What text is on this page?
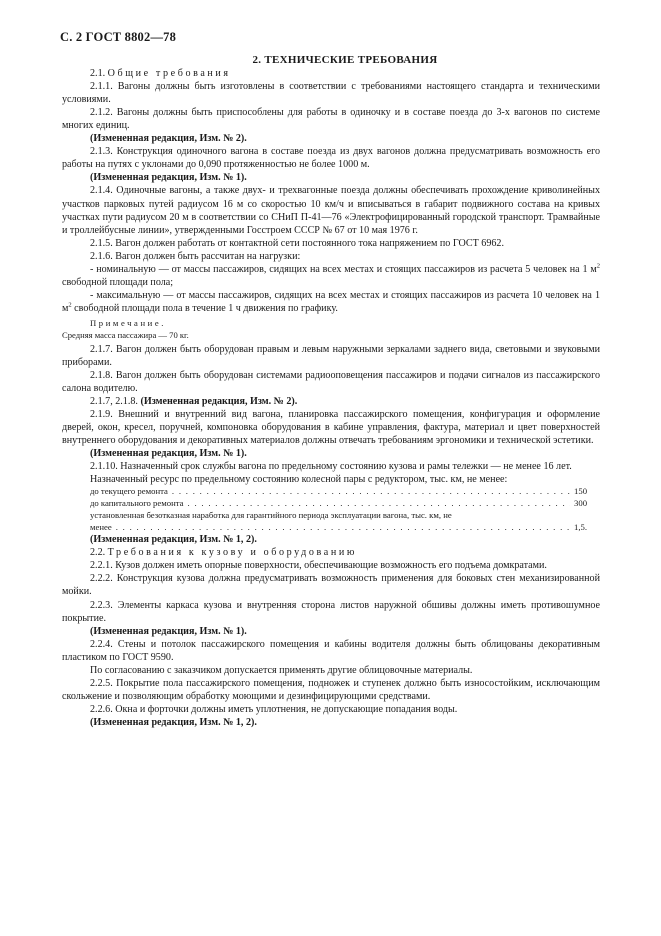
С. 2 ГОСТ 8802—78

2. ТЕХНИЧЕСКИЕ ТРЕБОВАНИЯ

2.1. Общие требования

2.1.1. Вагоны должны быть изготовлены в соответствии с требованиями настоящего стандарта и техническими условиями.

2.1.2. Вагоны должны быть приспособлены для работы в одиночку и в составе поезда до 3-х вагонов по системе многих единиц.

(Измененная редакция, Изм. № 2).

2.1.3. Конструкция одиночного вагона в составе поезда из двух вагонов должна предусматривать возможность его работы на путях с уклонами до 0,090 протяженностью не более 1000 м.

(Измененная редакция, Изм. № 1).

2.1.4. Одиночные вагоны, а также двух- и трехвагонные поезда должны обеспечивать прохождение криволинейных участков парковых путей радиусом 16 м со скоростью 10 км/ч и вписываться в габарит подвижного состава на кривых участках пути радиусом 20 м в соответствии со СНиП П-41—76 «Электрофицированный городской транспорт. Трамвайные и троллейбусные линии», утвержденными Госстроем СССР № 67 от 10 мая 1976 г.

2.1.5. Вагон должен работать от контактной сети постоянного тока напряжением по ГОСТ 6962.

2.1.6. Вагон должен быть рассчитан на нагрузки:

- номинальную — от массы пассажиров, сидящих на всех местах и стоящих пассажиров из расчета 5 человек на 1 $м^2$ свободной площади пола;

- максимальную — от массы пассажиров, сидящих на всех местах и стоящих пассажиров из расчета 10 человек на 1 $м^2$ свободной площади пола в течение 1 ч движения по графику.

Примечание.

Средняя масса пассажира — 70 кг.

2.1.7. Вагон должен быть оборудован правым и левым наружными зеркалами заднего вида, световыми и звуковыми приборами.

2.1.8. Вагон должен быть оборудован системами радиооповещения пассажиров и подачи сигналов из пассажирского салона водителю.

2.1.7, 2.1.8. (Измененная редакция, Изм. № 2).

2.1.9. Внешний и внутренний вид вагона, планировка пассажирского помещения, конфигурация и оформление дверей, окон, кресел, поручней, компоновка оборудования в кабине управления, фактура, материал и цвет поверхностей внутреннего оборудования и декоративных материалов должны отвечать требованиям эргономики и технической эстетики.

(Измененная редакция, Изм. № 1).

2.1.10. Назначенный срок службы вагона по предельному состоянию кузова и рамы тележки — не менее 16 лет.

Назначенный ресурс по предельному состоянию колесной пары с редуктором, тыс. км, не менее:

до текущего ремонта . . .	150
до капитального ремонта . . .	300

установленная безотказная наработка для гарантийного периода эксплуатации вагона, тыс. км, не

менее . . .	1,5.

(Измененная редакция, Изм. № 1, 2).

2.2. Требования к кузову и оборудованию

2.2.1. Кузов должен иметь опорные поверхности, обеспечивающие возможность его подъема домкратами.

2.2.2. Конструкция кузова должна предусматривать возможность применения для боковых стен механизированной мойки.

2.2.3. Элементы каркаса кузова и внутренняя сторона листов наружной обшивы должны иметь противошумное покрытие.

(Измененная редакция, Изм. № 1).

2.2.4. Стены и потолок пассажирского помещения и кабины водителя должны быть облицованы декоративным пластиком по ГОСТ 9590.

По согласованию с заказчиком допускается применять другие облицовочные материалы.

2.2.5. Покрытие пола пассажирского помещения, подножек и ступенек должно быть износостойким, исключающим скольжение и позволяющим обработку моющими и дезинфицирующими средствами.

2.2.6. Окна и форточки должны иметь уплотнения, не допускающие попадания воды.

(Измененная редакция, Изм. № 1, 2).
